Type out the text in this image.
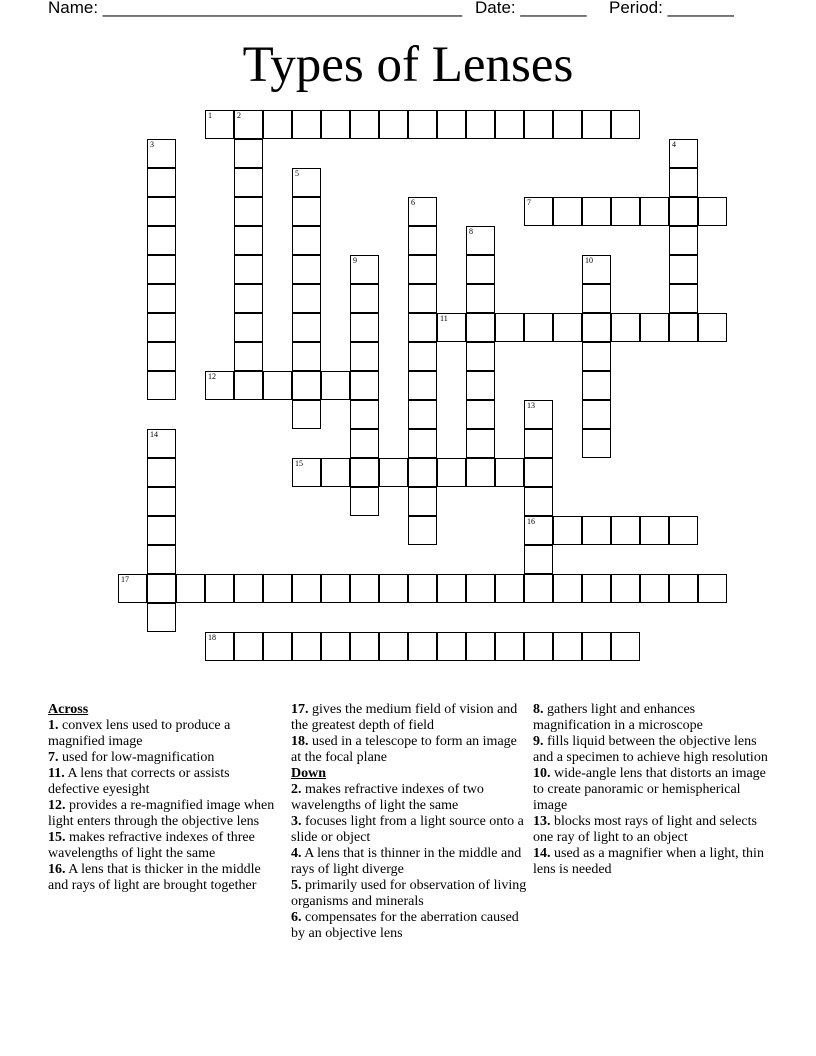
Name: ______________________________________ Date: _______ Period: _______
Types of Lenses
1	2
7
11
12
15
16
17
18
3	4
5
6
8
9	10
13
14

Across

1. convex lens used to produce a magnified image

7. used for low-magnification

11. A lens that corrects or assists defective eyesight

12. provides a re-magnified image when light enters through the objective lens

15. makes refractive indexes of three wavelengths of light the same

16. A lens that is thicker in the middle and rays of light are brought together

17. gives the medium field of vision and the greatest depth of field

18. used in a telescope to form an image at the focal plane

Down

2. makes refractive indexes of two wavelengths of light the same

3. focuses light from a light source onto a slide or object

4. A lens that is thinner in the middle and rays of light diverge

5. primarily used for observation of living organisms and minerals

6. compensates for the aberration caused by an objective lens

8. gathers light and enhances magnification in a microscope

9. fills liquid between the objective lens and a specimen to achieve high resolution

10. wide-angle lens that distorts an image to create panoramic or hemispherical image

13. blocks most rays of light and selects one ray of light to an object

14. used as a magnifier when a light, thin lens is needed
